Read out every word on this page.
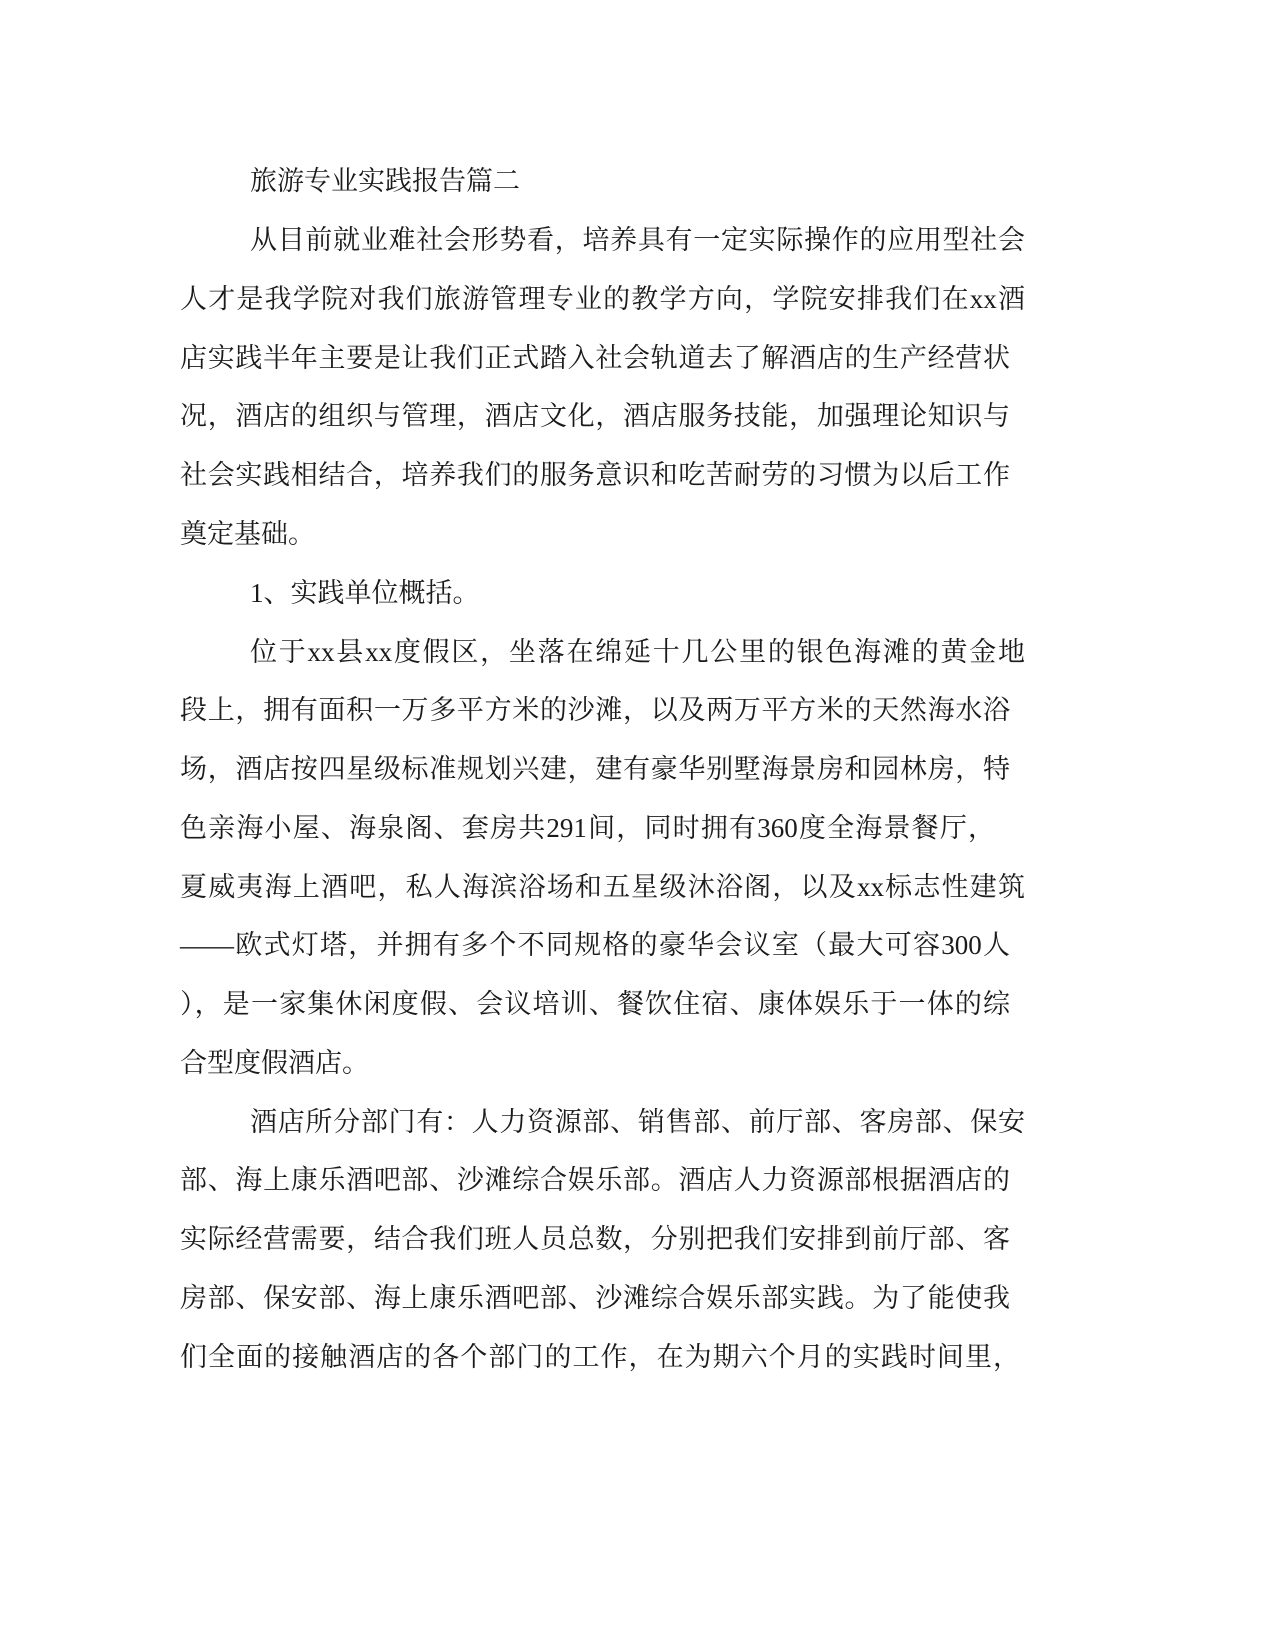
旅游专业实践报告篇二

从目前就业难社会形势看，培养具有一定实际操作的应用型社会

人才是我学院对我们旅游管理专业的教学方向，学院安排我们在xx酒

店实践半年主要是让我们正式踏入社会轨道去了解酒店的生产经营状

况，酒店的组织与管理，酒店文化，酒店服务技能，加强理论知识与

社会实践相结合，培养我们的服务意识和吃苦耐劳的习惯为以后工作

奠定基础。

1、实践单位概括。

位于xx县xx度假区，坐落在绵延十几公里的银色海滩的黄金地

段上，拥有面积一万多平方米的沙滩，以及两万平方米的天然海水浴

场，酒店按四星级标准规划兴建，建有豪华别墅海景房和园林房，特

色亲海小屋、海泉阁、套房共291间，同时拥有360度全海景餐厅，

夏威夷海上酒吧，私人海滨浴场和五星级沐浴阁，以及xx标志性建筑

——欧式灯塔，并拥有多个不同规格的豪华会议室（最大可容300人

），是一家集休闲度假、会议培训、餐饮住宿、康体娱乐于一体的综

合型度假酒店。

酒店所分部门有：人力资源部、销售部、前厅部、客房部、保安

部、海上康乐酒吧部、沙滩综合娱乐部。酒店人力资源部根据酒店的

实际经营需要，结合我们班人员总数，分别把我们安排到前厅部、客

房部、保安部、海上康乐酒吧部、沙滩综合娱乐部实践。为了能使我

们全面的接触酒店的各个部门的工作，在为期六个月的实践时间里，
